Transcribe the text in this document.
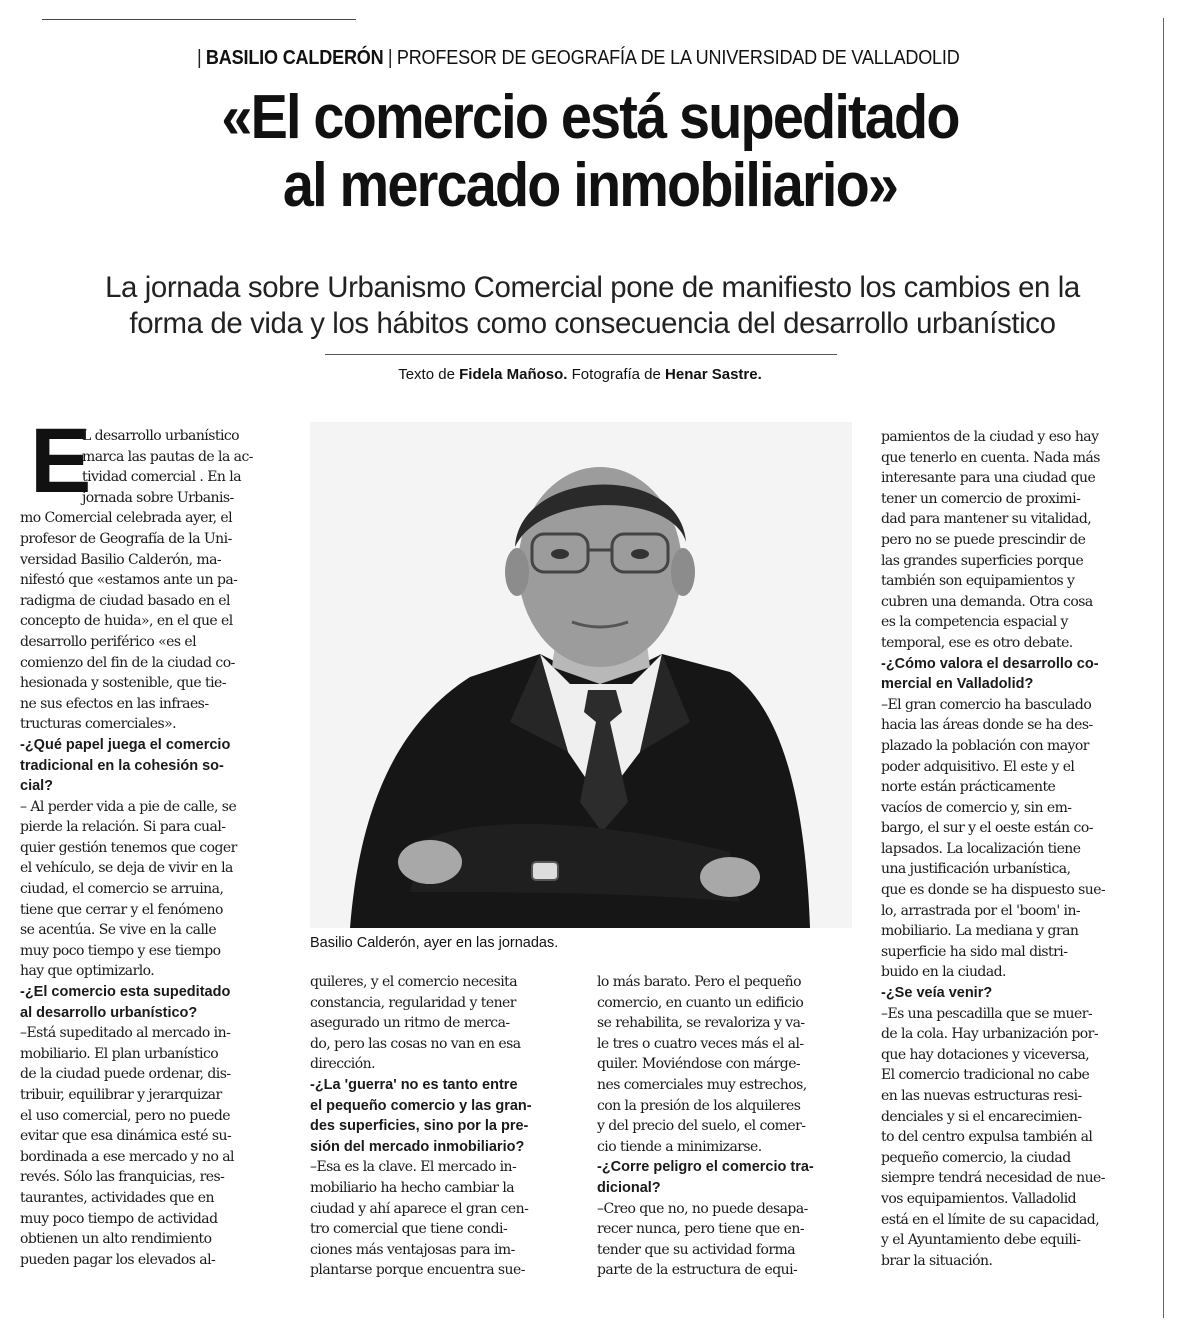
| BASILIO CALDERÓN | PROFESOR DE GEOGRAFÍA DE LA UNIVERSIDAD DE VALLADOLID
«El comercio está supeditado
al mercado inmobiliario»
La jornada sobre Urbanismo Comercial pone de manifiesto los cambios en la
forma de vida y los hábitos como consecuencia del desarrollo urbanístico
Texto de Fidela Mañoso. Fotografía de Henar Sastre.
E
L desarrollo urbanístico
marca las pautas de la ac-
tividad comercial . En la
jornada sobre Urbanis-
mo Comercial celebrada ayer, el
profesor de Geografía de la Uni-
versidad Basilio Calderón, ma-
nifestó que «estamos ante un pa-
radigma de ciudad basado en el
concepto de huida», en el que el
desarrollo periférico «es el
comienzo del fin de la ciudad co-
hesionada y sostenible, que tie-
ne sus efectos en las infraes-
tructuras comerciales».
-¿Qué papel juega el comercio
tradicional en la cohesión so-
cial?
– Al perder vida a pie de calle, se
pierde la relación. Si para cual-
quier gestión tenemos que coger
el vehículo, se deja de vivir en la
ciudad, el comercio se arruina,
tiene que cerrar y el fenómeno
se acentúa. Se vive en la calle
muy poco tiempo y ese tiempo
hay que optimizarlo.
-¿El comercio esta supeditado
al desarrollo urbanístico?
–Está supeditado al mercado in-
mobiliario. El plan urbanístico
de la ciudad puede ordenar, dis-
tribuir, equilibrar y jerarquizar
el uso comercial, pero no puede
evitar que esa dinámica esté su-
bordinada a ese mercado y no al
revés. Sólo las franquicias, res-
taurantes, actividades que en
muy poco tiempo de actividad
obtienen un alto rendimiento
pueden pagar los elevados al-
Basilio Calderón, ayer en las jornadas.
quileres, y el comercio necesita
constancia, regularidad y tener
asegurado un ritmo de merca-
do, pero las cosas no van en esa
dirección.
-¿La 'guerra' no es tanto entre
el pequeño comercio y las gran-
des superficies, sino por la pre-
sión del mercado inmobiliario?
–Esa es la clave. El mercado in-
mobiliario ha hecho cambiar la
ciudad y ahí aparece el gran cen-
tro comercial que tiene condi-
ciones más ventajosas para im-
plantarse porque encuentra sue-
lo más barato. Pero el pequeño
comercio, en cuanto un edificio
se rehabilita, se revaloriza y va-
le tres o cuatro veces más el al-
quiler. Moviéndose con márge-
nes comerciales muy estrechos,
con la presión de los alquileres
y del precio del suelo, el comer-
cio tiende a minimizarse.
-¿Corre peligro el comercio tra-
dicional?
–Creo que no, no puede desapa-
recer nunca, pero tiene que en-
tender que su actividad forma
parte de la estructura de equi-
pamientos de la ciudad y eso hay
que tenerlo en cuenta. Nada más
interesante para una ciudad que
tener un comercio de proximi-
dad para mantener su vitalidad,
pero no se puede prescindir de
las grandes superficies porque
también son equipamientos y
cubren una demanda. Otra cosa
es la competencia espacial y
temporal, ese es otro debate.
-¿Cómo valora el desarrollo co-
mercial en Valladolid?
–El gran comercio ha basculado
hacia las áreas donde se ha des-
plazado la población con mayor
poder adquisitivo. El este y el
norte están prácticamente
vacíos de comercio y, sin em-
bargo, el sur y el oeste están co-
lapsados. La localización tiene
una justificación urbanística,
que es donde se ha dispuesto sue-
lo, arrastrada por el 'boom' in-
mobiliario. La mediana y gran
superficie ha sido mal distri-
buido en la ciudad.
-¿Se veía venir?
–Es una pescadilla que se muer-
de la cola. Hay urbanización por-
que hay dotaciones y viceversa,
El comercio tradicional no cabe
en las nuevas estructuras resi-
denciales y si el encarecimien-
to del centro expulsa también al
pequeño comercio, la ciudad
siempre tendrá necesidad de nue-
vos equipamientos. Valladolid
está en el límite de su capacidad,
y el Ayuntamiento debe equili-
brar la situación.
